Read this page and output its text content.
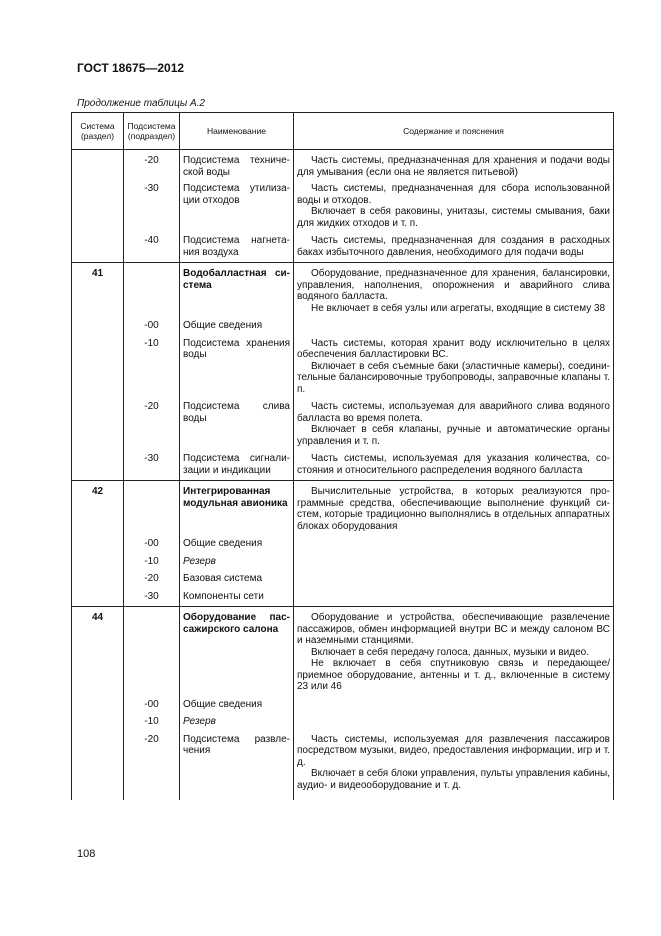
ГОСТ 18675—2012
Продолжение таблицы А.2
Система (раздел)	Подсистема (подраздел)	Наименование	Содержание и пояснения
	-20	Подсистема технической воды	Часть системы, предназначенная для хранения и подачи воды для умывания (если она не является питьевой)

	-30	Подсистема утилизации отходов	Часть системы, предназначенная для сбора использованной воды и отходов.

Включает в себя раковины, унитазы, системы смывания, баки для жидких отходов и т. п.

	-40	Подсистема нагнетания воздуха	Часть системы, предназначенная для создания в расходных баках избыточного давления, необходимого для подачи воды

41		Водобалластная система	Оборудование, предназначенное для хранения, балансировки, управления, наполнения, опорожнения и аварийного слива водяного балласта.

Не включает в себя узлы или агрегаты, входящие в систему 38

	-00	Общие сведения	
	-10	Подсистема хранения воды	Часть системы, которая хранит воду исключительно в целях обеспечения балластировки ВС.

Включает в себя съемные баки (эластичные камеры), соединительные балансировочные трубопроводы, заправочные клапаны т. п.

	-20	Подсистема слива воды	Часть системы, используемая для аварийного слива водяного балласта во время полета.

Включает в себя клапаны, ручные и автоматические органы управления и т. п.

	-30	Подсистема сигнализации и индикации	Часть системы, используемая для указания количества, состояния и относительного распределения водяного балласта

42		Интегрированная модульная авионика	Вычислительные устройства, в которых реализуются программные средства, обеспечивающие выполнение функций систем, которые традиционно выполнялись в отдельных аппаратных блоках оборудования

	-00	Общие сведения	
	-10	Резерв	
	-20	Базовая система	
	-30	Компоненты сети	
44		Оборудование пассажирского салона	Оборудование и устройства, обеспечивающие развлечение пассажиров, обмен информацией внутри ВС и между салоном ВС и наземными станциями.

Включает в себя передачу голоса, данных, музыки и видео.

Не включает в себя спутниковую связь и передающее/приемное оборудование, антенны и т. д., включенные в систему 23 или 46

	-00	Общие сведения	
	-10	Резерв	
	-20	Подсистема развлечения	Часть системы, используемая для развлечения пассажиров посредством музыки, видео, предоставления информации, игр и т. д.

Включает в себя блоки управления, пульты управления кабины, аудио- и видеооборудование и т. д.

108
